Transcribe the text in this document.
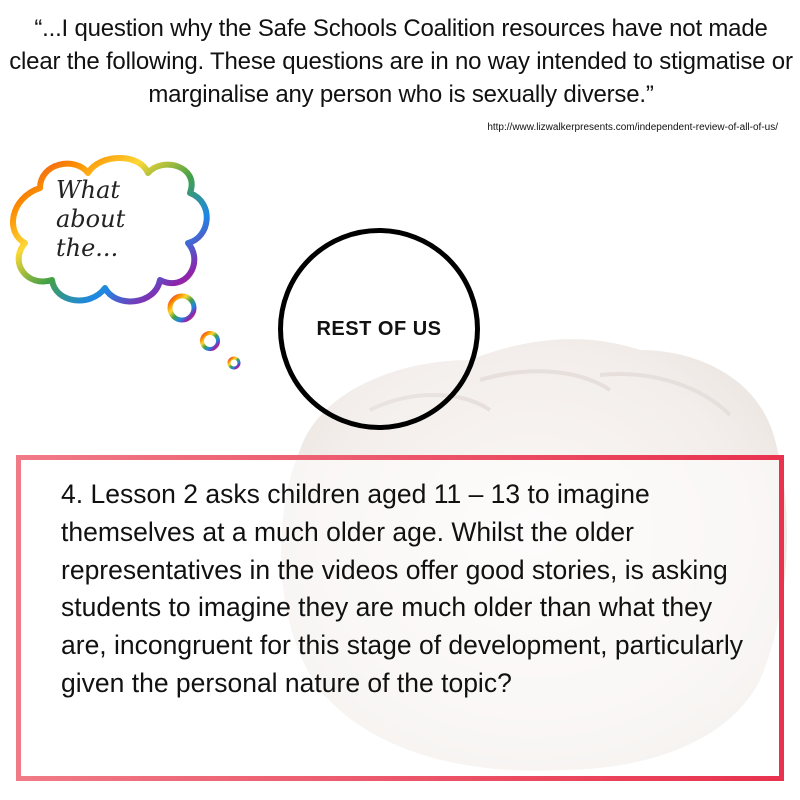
“...I question why the Safe Schools Coalition resources have not made clear the following. These questions are in no way intended to stigmatise or marginalise any person who is sexually diverse.”

http://www.lizwalkerpresents.com/independent-review-of-all-of-us/
What
about
the...
REST OF US

4. Lesson 2 asks children aged 11 – 13 to imagine themselves at a much older age. Whilst the older representatives in the videos offer good stories, is asking students to imagine they are much older than what they are, incongruent for this stage of development, particularly given the personal nature of the topic?
